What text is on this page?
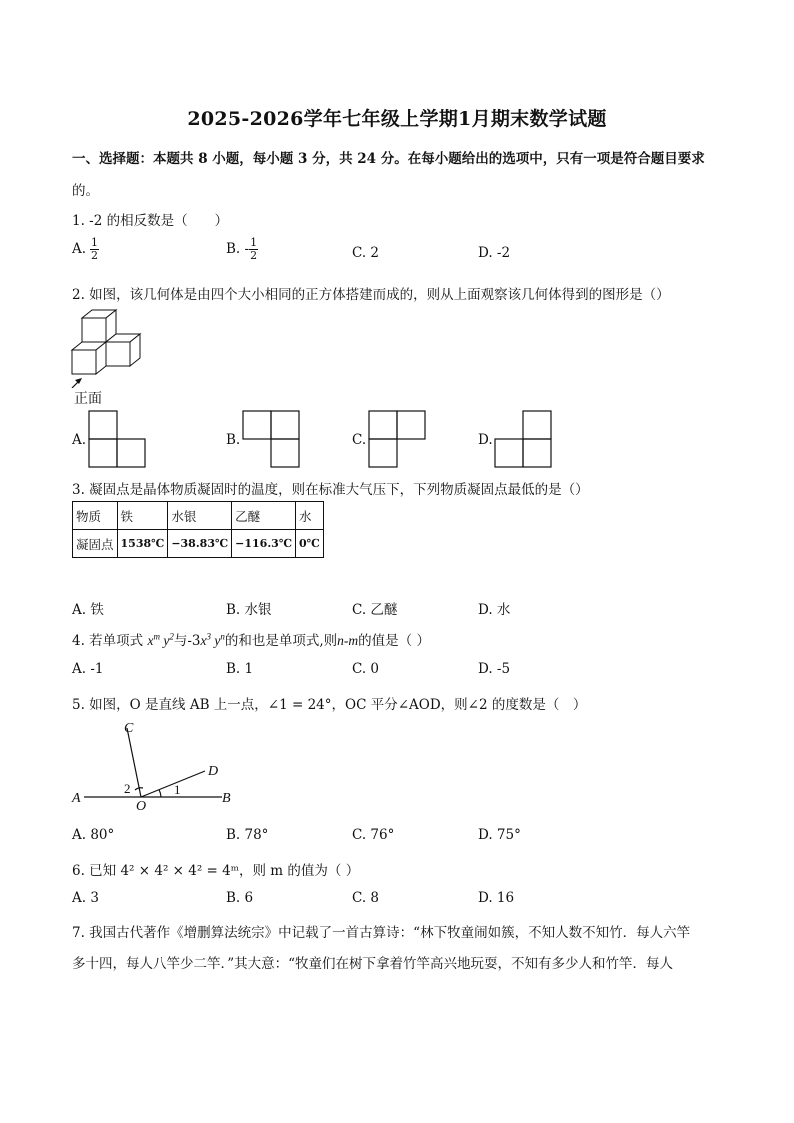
2025-2026学年七年级上学期1月期末数学试题
一、选择题：本题共 8 小题，每小题 3 分，共 24 分。在每小题给出的选项中，只有一项是符合题目要求
的。
1. -2 的相反数是（　　）
A. $\frac{1}{2}$	B. - $\frac{1}{2}$	C. 2	D. -2
2. 如图，该几何体是由四个大小相同的正方体搭建而成的，则从上面观察该几何体得到的图形是（）
正面
A.	B.	C.	D.
3. 凝固点是晶体物质凝固时的温度，则在标准大气压下，下列物质凝固点最低的是（）
物质	铁	水银	乙醚	水
凝固点	1538℃	−38.83℃	−116.3℃	0℃
A. 铁	B. 水银	C. 乙醚	D. 水
4. 若单项式 $x^m$ $y^2$与$-3x^3$ $y^n$的和也是单项式,则n-m的值是（ ）
A. -1	B. 1	C. 0	D. -5
5. 如图，O 是直线 AB 上一点，∠1 = 24°，OC 平分∠AOD，则∠2 的度数是（　）
C
D
A
O
B
1
2
A. 80°	B. 78°	C. 76°	D. 75°
6. 已知 4² × 4² × 4² = 4ᵐ，则 m 的值为（ ）
A. 3	B. 6	C. 8	D. 16
7. 我国古代著作《增删算法统宗》中记载了一首古算诗：“林下牧童闹如簇，不知人数不知竹．每人六竿
多十四，每人八竿少二竿．”其大意：“牧童们在树下拿着竹竿高兴地玩耍，不知有多少人和竹竿．每人
